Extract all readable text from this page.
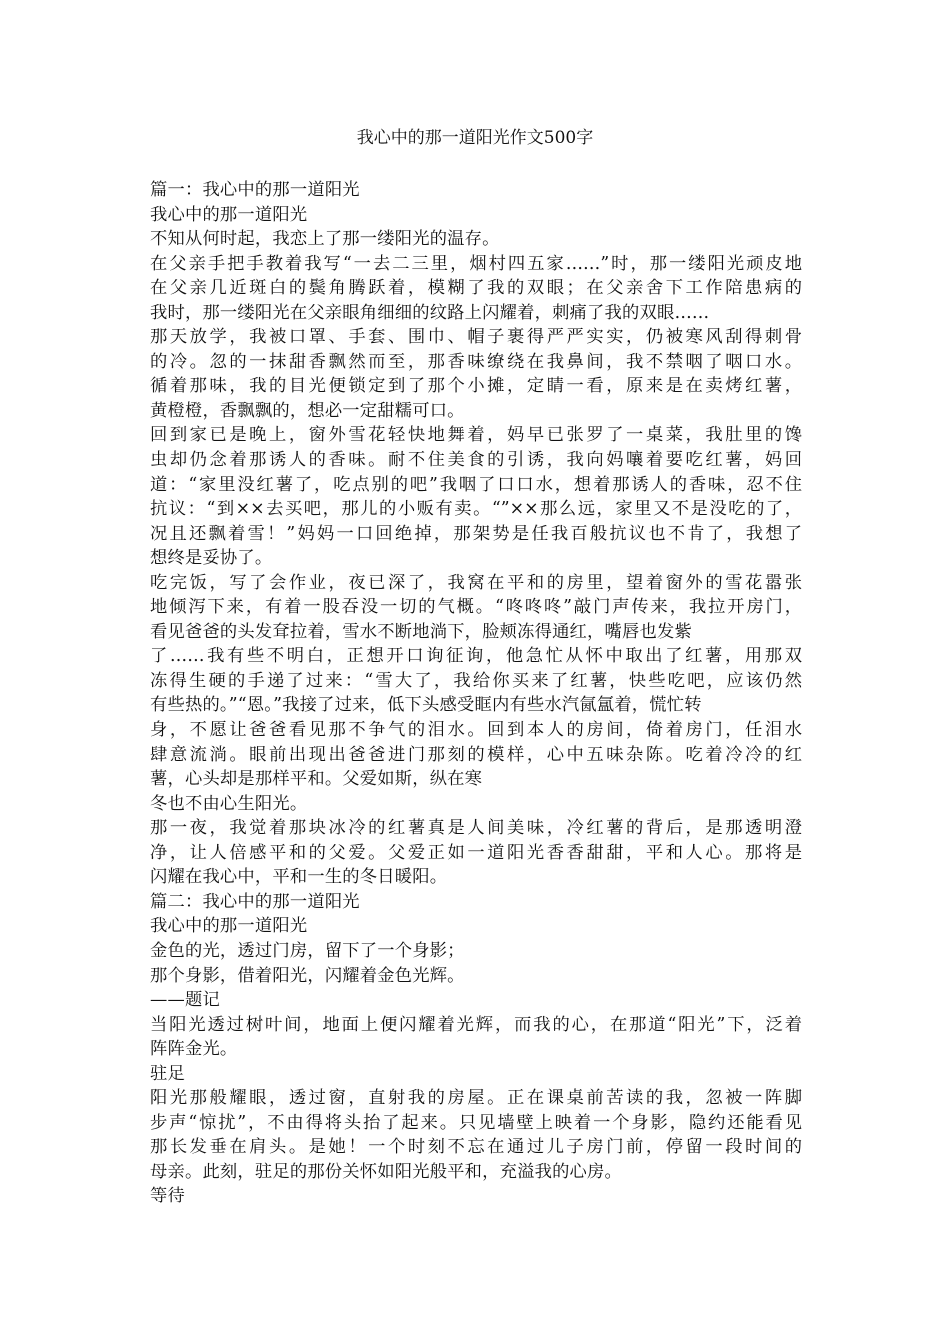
我心中的那一道阳光作文500字
篇一：我心中的那一道阳光
我心中的那一道阳光
不知从何时起，我恋上了那一缕阳光的温存。
在父亲手把手教着我写“一去二三里，烟村四五家……”时，那一缕阳光顽皮地
在父亲几近斑白的鬓角腾跃着，模糊了我的双眼；在父亲舍下工作陪患病的
我时，那一缕阳光在父亲眼角细细的纹路上闪耀着，刺痛了我的双眼……
那天放学，我被口罩、手套、围巾、帽子裹得严严实实，仍被寒风刮得刺骨
的冷。忽的一抹甜香飘然而至，那香味缭绕在我鼻间，我不禁咽了咽口水。
循着那味，我的目光便锁定到了那个小摊，定睛一看，原来是在卖烤红薯，
黄橙橙，香飘飘的，想必一定甜糯可口。
回到家已是晚上，窗外雪花轻快地舞着，妈早已张罗了一桌菜，我肚里的馋
虫却仍念着那诱人的香味。耐不住美食的引诱，我向妈嚷着要吃红薯，妈回
道：“家里没红薯了，吃点别的吧”我咽了口口水，想着那诱人的香味，忍不住
抗议：“到××去买吧，那儿的小贩有卖。“”××那么远，家里又不是没吃的了，
况且还飘着雪！”妈妈一口回绝掉，那架势是任我百般抗议也不肯了，我想了
想终是妥协了。
吃完饭，写了会作业，夜已深了，我窝在平和的房里，望着窗外的雪花嚣张
地倾泻下来，有着一股吞没一切的气概。“咚咚咚”敲门声传来，我拉开房门，
看见爸爸的头发耷拉着，雪水不断地淌下，脸颊冻得通红，嘴唇也发紫
了……我有些不明白，正想开口询征询，他急忙从怀中取出了红薯，用那双
冻得生硬的手递了过来：“雪大了，我给你买来了红薯，快些吃吧，应该仍然
有些热的。”“恩。”我接了过来，低下头感受眶内有些水汽氤氲着，慌忙转
身，不愿让爸爸看见那不争气的泪水。回到本人的房间，倚着房门，任泪水
肆意流淌。眼前出现出爸爸进门那刻的模样，心中五味杂陈。吃着冷冷的红
薯，心头却是那样平和。父爱如斯，纵在寒
冬也不由心生阳光。
那一夜，我觉着那块冰冷的红薯真是人间美味，冷红薯的背后，是那透明澄
净，让人倍感平和的父爱。父爱正如一道阳光香香甜甜，平和人心。那将是
闪耀在我心中，平和一生的冬日暖阳。
篇二：我心中的那一道阳光
我心中的那一道阳光
金色的光，透过门房，留下了一个身影；
那个身影，借着阳光，闪耀着金色光辉。
——题记
当阳光透过树叶间，地面上便闪耀着光辉，而我的心，在那道“阳光”下，泛着
阵阵金光。
驻足
阳光那般耀眼，透过窗，直射我的房屋。正在课桌前苦读的我，忽被一阵脚
步声“惊扰”，不由得将头抬了起来。只见墙壁上映着一个身影，隐约还能看见
那长发垂在肩头。是她！一个时刻不忘在通过儿子房门前，停留一段时间的
母亲。此刻，驻足的那份关怀如阳光般平和，充溢我的心房。
等待
